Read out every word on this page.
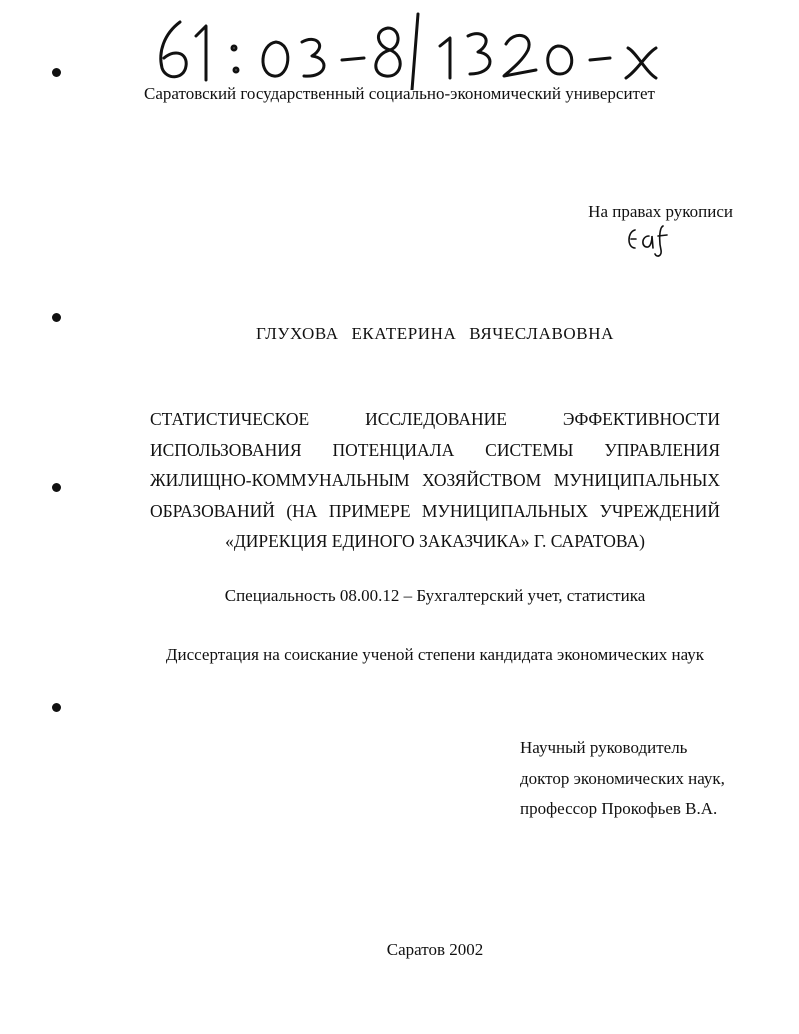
Саратовский государственный социально-экономический университет
На правах рукописи
ГЛУХОВА ЕКАТЕРИНА ВЯЧЕСЛАВОВНА
СТАТИСТИЧЕСКОЕ ИССЛЕДОВАНИЕ ЭФФЕКТИВНОСТИ
ИСПОЛЬЗОВАНИЯ ПОТЕНЦИАЛА СИСТЕМЫ УПРАВЛЕНИЯ
ЖИЛИЩНО-КОММУНАЛЬНЫМ ХОЗЯЙСТВОМ МУНИЦИПАЛЬНЫХ
ОБРАЗОВАНИЙ (НА ПРИМЕРЕ МУНИЦИПАЛЬНЫХ УЧРЕЖДЕНИЙ
«ДИРЕКЦИЯ ЕДИНОГО ЗАКАЗЧИКА» Г. САРАТОВА)
Специальность 08.00.12 – Бухгалтерский учет, статистика
Диссертация на соискание ученой степени кандидата экономических наук
Научный руководитель
доктор экономических наук,
профессор Прокофьев В.А.
Саратов 2002
